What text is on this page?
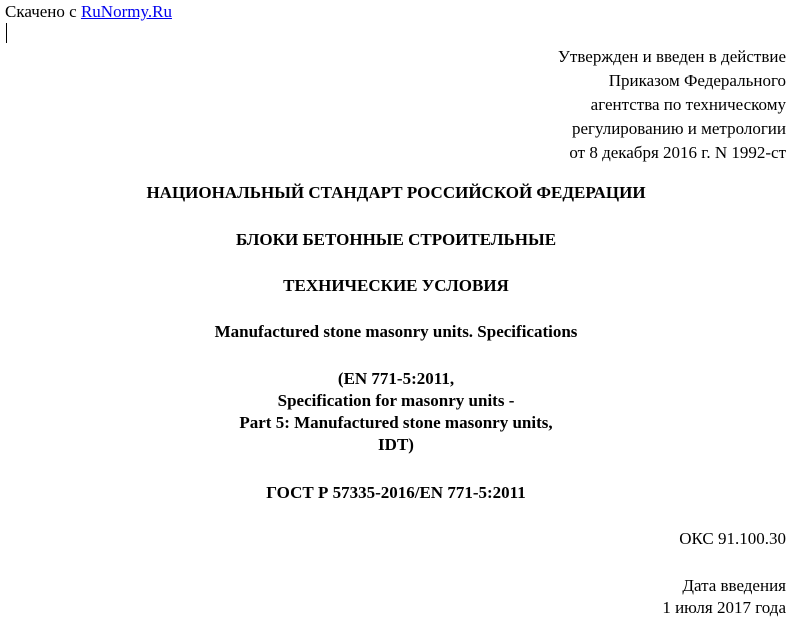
Скачено с RuNormy.Ru
Утвержден и введен в действие
Приказом Федерального
агентства по техническому
регулированию и метрологии
от 8 декабря 2016 г. N 1992-ст
НАЦИОНАЛЬНЫЙ СТАНДАРТ РОССИЙСКОЙ ФЕДЕРАЦИИ
БЛОКИ БЕТОННЫЕ СТРОИТЕЛЬНЫЕ
ТЕХНИЧЕСКИЕ УСЛОВИЯ
Manufactured stone masonry units. Specifications
(EN 771-5:2011,
Specification for masonry units -
Part 5: Manufactured stone masonry units,
IDT)
ГОСТ Р 57335-2016/EN 771-5:2011
ОКС 91.100.30
Дата введения
1 июля 2017 года
